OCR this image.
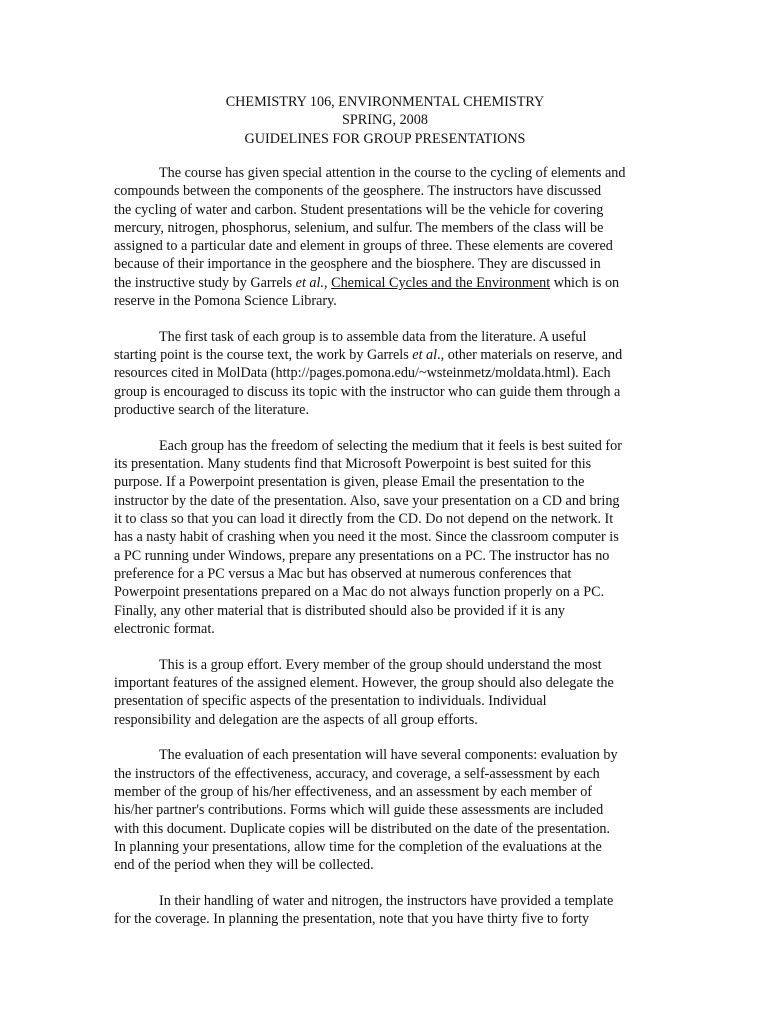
CHEMISTRY 106, ENVIRONMENTAL CHEMISTRY
SPRING, 2008
GUIDELINES FOR GROUP PRESENTATIONS
The course has given special attention in the course to the cycling of elements and
compounds between the components of the geosphere. The instructors have discussed
the cycling of water and carbon. Student presentations will be the vehicle for covering
mercury, nitrogen, phosphorus, selenium, and sulfur. The members of the class will be
assigned to a particular date and element in groups of three. These elements are covered
because of their importance in the geosphere and the biosphere. They are discussed in
the instructive study by Garrels et al., Chemical Cycles and the Environment which is on
reserve in the Pomona Science Library.
The first task of each group is to assemble data from the literature. A useful
starting point is the course text, the work by Garrels et al., other materials on reserve, and
resources cited in MolData (http://pages.pomona.edu/~wsteinmetz/moldata.html). Each
group is encouraged to discuss its topic with the instructor who can guide them through a
productive search of the literature.
Each group has the freedom of selecting the medium that it feels is best suited for
its presentation. Many students find that Microsoft Powerpoint is best suited for this
purpose. If a Powerpoint presentation is given, please Email the presentation to the
instructor by the date of the presentation. Also, save your presentation on a CD and bring
it to class so that you can load it directly from the CD. Do not depend on the network. It
has a nasty habit of crashing when you need it the most. Since the classroom computer is
a PC running under Windows, prepare any presentations on a PC. The instructor has no
preference for a PC versus a Mac but has observed at numerous conferences that
Powerpoint presentations prepared on a Mac do not always function properly on a PC.
Finally, any other material that is distributed should also be provided if it is any
electronic format.
This is a group effort. Every member of the group should understand the most
important features of the assigned element. However, the group should also delegate the
presentation of specific aspects of the presentation to individuals. Individual
responsibility and delegation are the aspects of all group efforts.
The evaluation of each presentation will have several components: evaluation by
the instructors of the effectiveness, accuracy, and coverage, a self-assessment by each
member of the group of his/her effectiveness, and an assessment by each member of
his/her partner's contributions. Forms which will guide these assessments are included
with this document. Duplicate copies will be distributed on the date of the presentation.
In planning your presentations, allow time for the completion of the evaluations at the
end of the period when they will be collected.
In their handling of water and nitrogen, the instructors have provided a template
for the coverage. In planning the presentation, note that you have thirty five to forty
